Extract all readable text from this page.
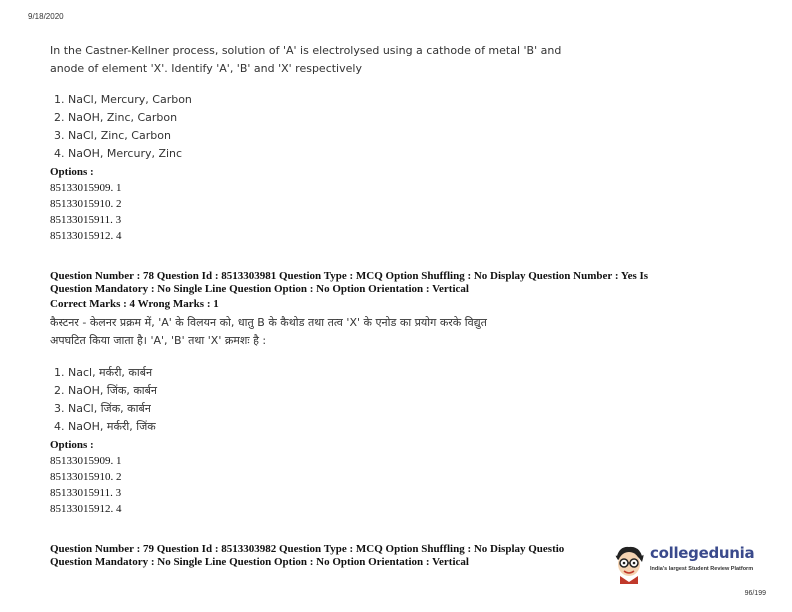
9/18/2020
In the Castner-Kellner process, solution of 'A' is electrolysed using a cathode of metal 'B' and
anode of element 'X'. Identify 'A', 'B' and 'X' respectively
1. NaCl, Mercury, Carbon
2. NaOH, Zinc, Carbon
3. NaCl, Zinc, Carbon
4. NaOH, Mercury, Zinc
Options :
85133015909. 1
85133015910. 2
85133015911. 3
85133015912. 4
Question Number : 78 Question Id : 8513303981 Question Type : MCQ Option Shuffling : No Display Question Number : Yes Is
Question Mandatory : No Single Line Question Option : No Option Orientation : Vertical
Correct Marks : 4 Wrong Marks : 1
कैस्टनर - केलनर प्रक्रम में, 'A' के विलयन को, धातु B के कैथोड तथा तत्व 'X' के एनोड का प्रयोग करके विद्युत
अपघटित किया जाता है। 'A', 'B' तथा 'X' क्रमशः है :
1. Nacl, मर्करी, कार्बन
2. NaOH, जिंक, कार्बन
3. NaCl, जिंक, कार्बन
4. NaOH, मर्करी, जिंक
Options :
85133015909. 1
85133015910. 2
85133015911. 3
85133015912. 4
Question Number : 79 Question Id : 8513303982 Question Type : MCQ Option Shuffling : No Display Questio
Question Mandatory : No Single Line Question Option : No Option Orientation : Vertical	collegedunia
India's largest Student Review Platform
96/199
